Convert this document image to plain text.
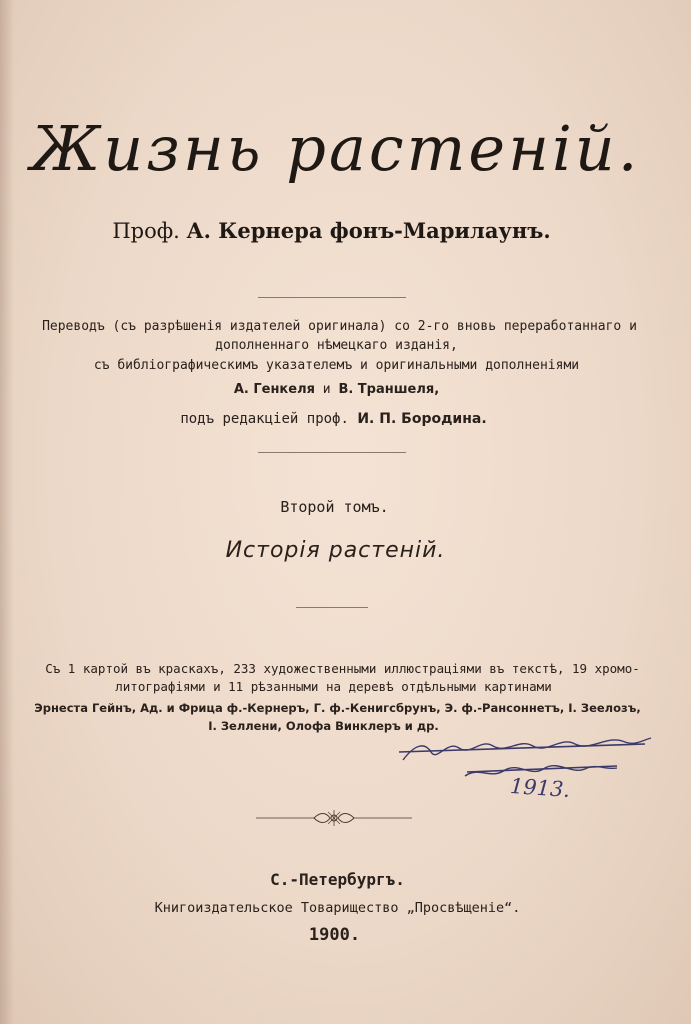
Жизнь растеній.
Проф. А. Кернера фонъ-Марилаунъ.
Переводъ (съ разрѣшенія издателей оригинала) со 2-го вновь переработаннаго и
дополненнаго нѣмецкаго изданія,
съ библіографическимъ указателемъ и оригинальными дополненіями
А. Генкеля и В. Траншеля,
подъ редакціей проф. И. П. Бородина.
Второй томъ.
Исторія растеній.
Съ 1 картой въ краскахъ, 233 художественными иллюстраціями въ текстѣ, 19 хромо-
литографіями и 11 рѣзанными на деревѣ отдѣльными картинами
Эрнеста Гейнъ, Ад. и Фрица ф.-Кернеръ, Г. ф.-Кенигсбрунъ, Э. ф.-Рансоннетъ, І. Зеелозъ,
І. Зеллени, Олофа Винклеръ и др.
1913.
С.-Петербургъ.
Книгоиздательское Товарищество „Просвѣщеніе“.
1900.
